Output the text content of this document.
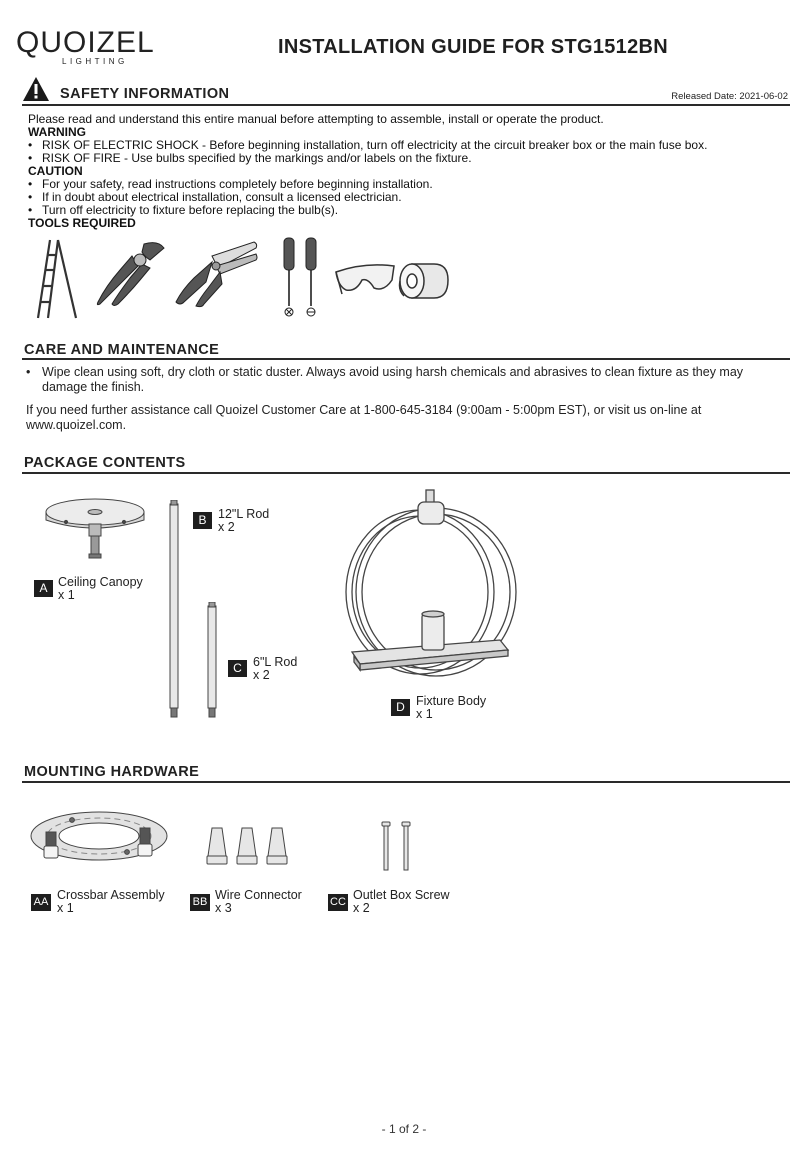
QUOIZEL
LIGHTING
INSTALLATION GUIDE FOR STG1512BN
SAFETY INFORMATION	Released Date: 2021-06-02
Please read and understand this entire manual before attempting to assemble, install or operate the product.
WARNING
• RISK OF ELECTRIC SHOCK - Before beginning installation, turn off electricity at the circuit breaker box or the main fuse box.
• RISK OF FIRE - Use bulbs specified by the markings and/or labels on the fixture.
CAUTION
• For your safety, read instructions completely before beginning installation.
• If in doubt about electrical installation, consult a licensed electrician.
• Turn off electricity to fixture before replacing the bulb(s).
TOOLS REQUIRED
CARE AND MAINTENANCE
• Wipe clean using soft, dry cloth or static duster. Always avoid using harsh chemicals and abrasives to clean fixture as they may damage the finish.
If you need further assistance call Quoizel Customer Care at 1-800-645-3184 (9:00am - 5:00pm EST), or visit us on-line at www.quoizel.com.
PACKAGE CONTENTS
A Ceiling Canopy
x 1
B 12"L Rod
x 2
C 6"L Rod
x 2
D Fixture Body
x 1
MOUNTING HARDWARE
AA Crossbar Assembly
x 1	BB Wire Connector
x 3	CC Outlet Box Screw
x 2
- 1 of 2 -
